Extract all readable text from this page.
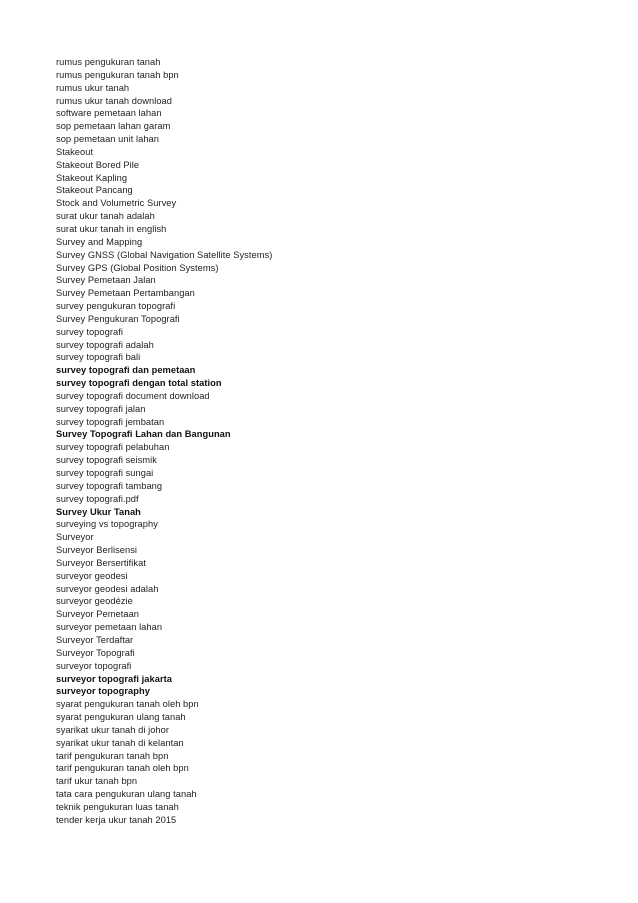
rumus pengukuran tanah
rumus pengukuran tanah bpn
rumus ukur tanah
rumus ukur tanah download
software pemetaan lahan
sop pemetaan lahan garam
sop pemetaan unit lahan
Stakeout
Stakeout Bored Pile
Stakeout Kapling
Stakeout Pancang
Stock and Volumetric Survey
surat ukur tanah adalah
surat ukur tanah in english
Survey and Mapping
Survey GNSS (Global Navigation Satellite Systems)
Survey GPS (Global Position Systems)
Survey Pemetaan Jalan
Survey Pemetaan Pertambangan
survey pengukuran topografi
Survey Pengukuran Topografi
survey topografi
survey topografi adalah
survey topografi bali
survey topografi dan pemetaan
survey topografi dengan total station
survey topografi document download
survey topografi jalan
survey topografi jembatan
Survey Topografi Lahan dan Bangunan
survey topografi pelabuhan
survey topografi seismik
survey topografi sungai
survey topografi tambang
survey topografi.pdf
Survey Ukur Tanah
surveying vs topography
Surveyor
Surveyor Berlisensi
Surveyor Bersertifikat
surveyor geodesi
surveyor geodesi adalah
surveyor geodézie
Surveyor Pemetaan
surveyor pemetaan lahan
Surveyor Terdaftar
Surveyor Topografi
surveyor topografi
surveyor topografi jakarta
surveyor topography
syarat pengukuran tanah oleh bpn
syarat pengukuran ulang tanah
syarikat ukur tanah di johor
syarikat ukur tanah di kelantan
tarif pengukuran tanah bpn
tarif pengukuran tanah oleh bpn
tarif ukur tanah bpn
tata cara pengukuran ulang tanah
teknik pengukuran luas tanah
tender kerja ukur tanah 2015
